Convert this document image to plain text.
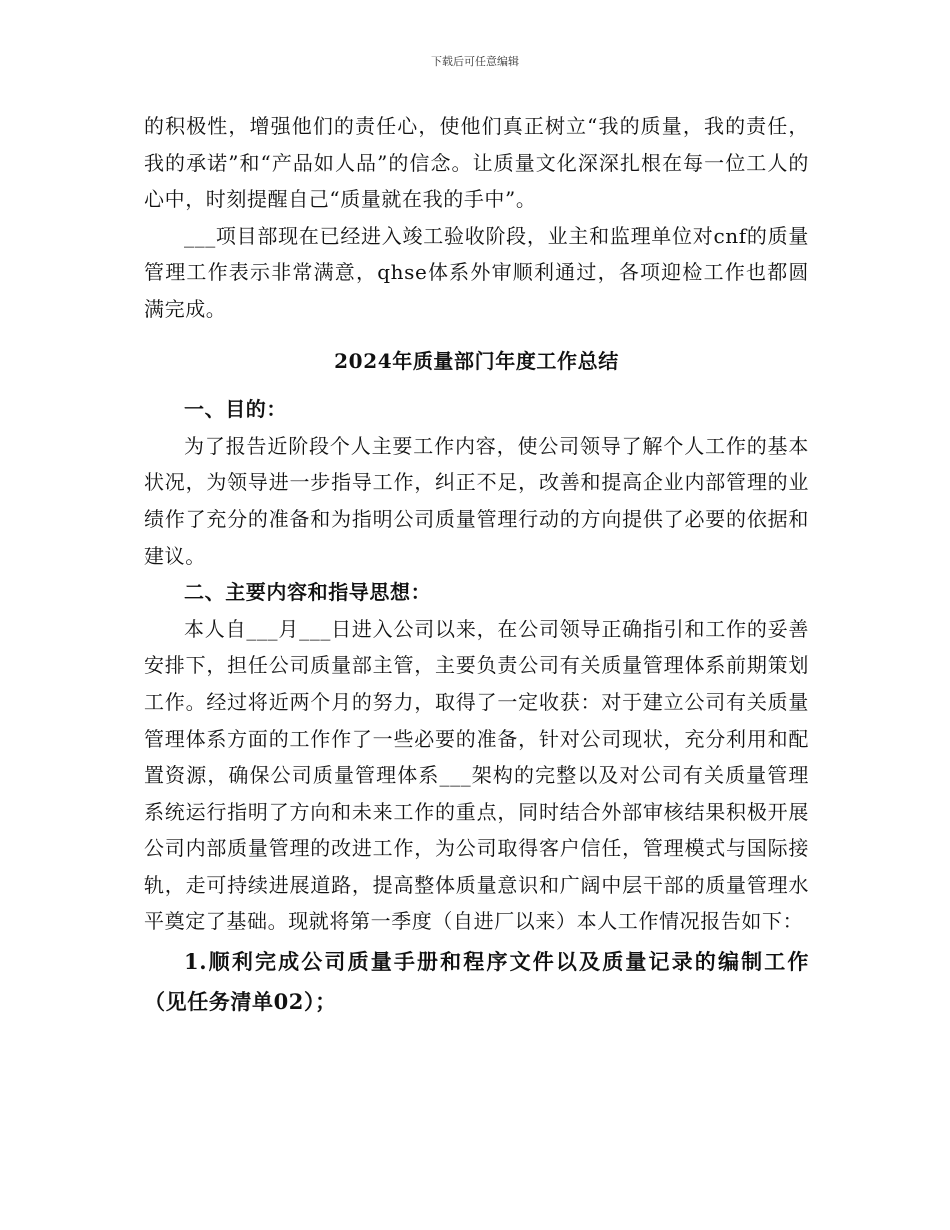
下载后可任意编辑

的积极性，增强他们的责任心，使他们真正树立“我的质量，我的责任，我的承诺”和“产品如人品”的信念。让质量文化深深扎根在每一位工人的心中，时刻提醒自己“质量就在我的手中”。

___项目部现在已经进入竣工验收阶段，业主和监理单位对cnf的质量管理工作表示非常满意，qhse体系外审顺利通过，各项迎检工作也都圆满完成。

2024年质量部门年度工作总结

一、目的：

为了报告近阶段个人主要工作内容，使公司领导了解个人工作的基本状况，为领导进一步指导工作，纠正不足，改善和提高企业内部管理的业绩作了充分的准备和为指明公司质量管理行动的方向提供了必要的依据和建议。

二、主要内容和指导思想：

本人自___月___日进入公司以来，在公司领导正确指引和工作的妥善安排下，担任公司质量部主管，主要负责公司有关质量管理体系前期策划工作。经过将近两个月的努力，取得了一定收获：对于建立公司有关质量管理体系方面的工作作了一些必要的准备，针对公司现状，充分利用和配置资源，确保公司质量管理体系___架构的完整以及对公司有关质量管理系统运行指明了方向和未来工作的重点，同时结合外部审核结果积极开展公司内部质量管理的改进工作，为公司取得客户信任，管理模式与国际接轨，走可持续进展道路，提高整体质量意识和广阔中层干部的质量管理水平奠定了基础。现就将第一季度（自进厂以来）本人工作情况报告如下：

1.顺利完成公司质量手册和程序文件以及质量记录的编制工作（见任务清单02）；
